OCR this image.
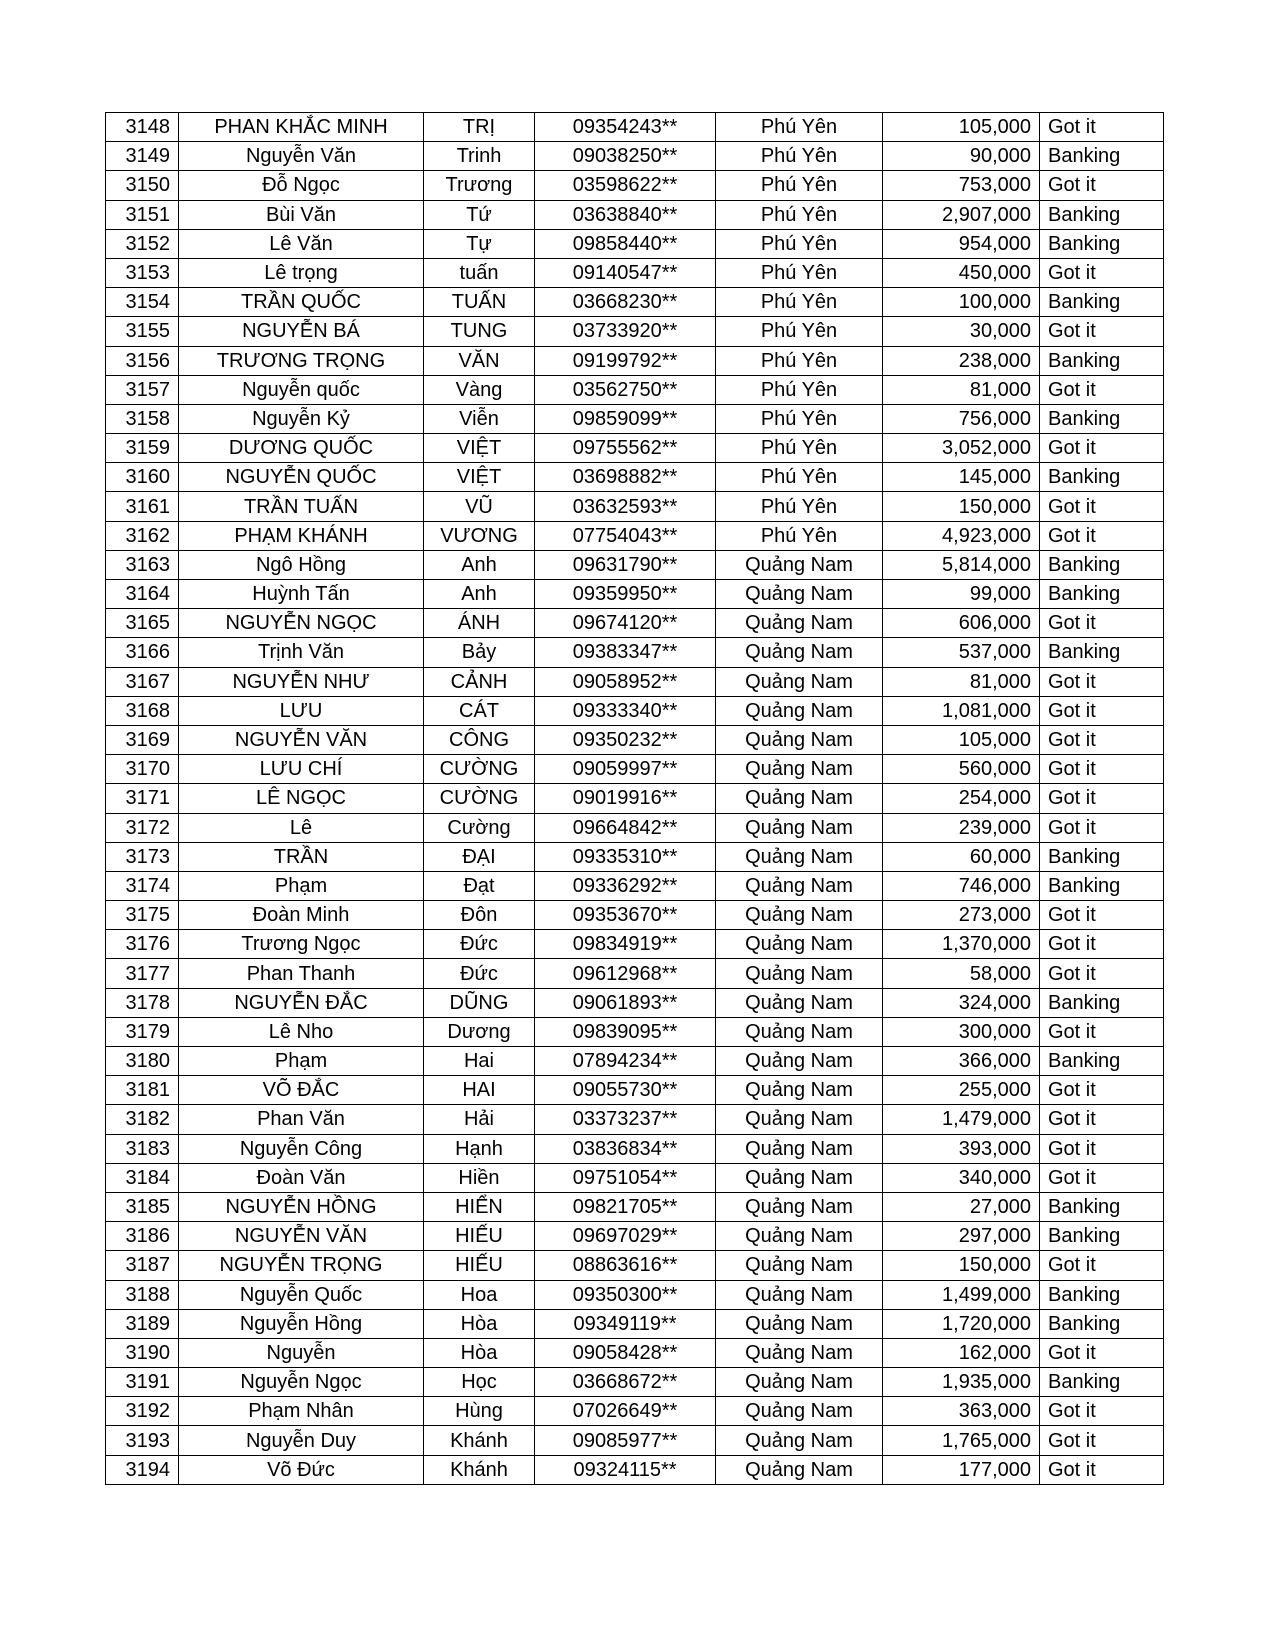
3148	PHAN KHẮC MINH	TRỊ	09354243**	Phú Yên	105,000	Got it
3149	Nguyễn Văn	Trinh	09038250**	Phú Yên	90,000	Banking
3150	Đỗ Ngọc	Trương	03598622**	Phú Yên	753,000	Got it
3151	Bùi Văn	Tứ	03638840**	Phú Yên	2,907,000	Banking
3152	Lê Văn	Tự	09858440**	Phú Yên	954,000	Banking
3153	Lê trọng	tuấn	09140547**	Phú Yên	450,000	Got it
3154	TRẦN QUỐC	TUẤN	03668230**	Phú Yên	100,000	Banking
3155	NGUYỄN BÁ	TUNG	03733920**	Phú Yên	30,000	Got it
3156	TRƯƠNG TRỌNG	VĂN	09199792**	Phú Yên	238,000	Banking
3157	Nguyễn quốc	Vàng	03562750**	Phú Yên	81,000	Got it
3158	Nguyễn Kỷ	Viễn	09859099**	Phú Yên	756,000	Banking
3159	DƯƠNG QUỐC	VIỆT	09755562**	Phú Yên	3,052,000	Got it
3160	NGUYỄN QUỐC	VIỆT	03698882**	Phú Yên	145,000	Banking
3161	TRẦN TUẤN	VŨ	03632593**	Phú Yên	150,000	Got it
3162	PHẠM KHÁNH	VƯƠNG	07754043**	Phú Yên	4,923,000	Got it
3163	Ngô Hồng	Anh	09631790**	Quảng Nam	5,814,000	Banking
3164	Huỳnh Tấn	Anh	09359950**	Quảng Nam	99,000	Banking
3165	NGUYỄN NGỌC	ÁNH	09674120**	Quảng Nam	606,000	Got it
3166	Trịnh Văn	Bảy	09383347**	Quảng Nam	537,000	Banking
3167	NGUYỄN NHƯ	CẢNH	09058952**	Quảng Nam	81,000	Got it
3168	LƯU	CÁT	09333340**	Quảng Nam	1,081,000	Got it
3169	NGUYỄN VĂN	CÔNG	09350232**	Quảng Nam	105,000	Got it
3170	LƯU CHÍ	CƯỜNG	09059997**	Quảng Nam	560,000	Got it
3171	LÊ NGỌC	CƯỜNG	09019916**	Quảng Nam	254,000	Got it
3172	Lê	Cường	09664842**	Quảng Nam	239,000	Got it
3173	TRẦN	ĐẠI	09335310**	Quảng Nam	60,000	Banking
3174	Phạm	Đạt	09336292**	Quảng Nam	746,000	Banking
3175	Đoàn Minh	Đôn	09353670**	Quảng Nam	273,000	Got it
3176	Trương Ngọc	Đức	09834919**	Quảng Nam	1,370,000	Got it
3177	Phan Thanh	Đức	09612968**	Quảng Nam	58,000	Got it
3178	NGUYỄN ĐẮC	DŨNG	09061893**	Quảng Nam	324,000	Banking
3179	Lê Nho	Dương	09839095**	Quảng Nam	300,000	Got it
3180	Phạm	Hai	07894234**	Quảng Nam	366,000	Banking
3181	VÕ ĐẮC	HAI	09055730**	Quảng Nam	255,000	Got it
3182	Phan Văn	Hải	03373237**	Quảng Nam	1,479,000	Got it
3183	Nguyễn Công	Hạnh	03836834**	Quảng Nam	393,000	Got it
3184	Đoàn Văn	Hiền	09751054**	Quảng Nam	340,000	Got it
3185	NGUYỄN HỒNG	HIỂN	09821705**	Quảng Nam	27,000	Banking
3186	NGUYỄN VĂN	HIẾU	09697029**	Quảng Nam	297,000	Banking
3187	NGUYỄN TRỌNG	HIẾU	08863616**	Quảng Nam	150,000	Got it
3188	Nguyễn Quốc	Hoa	09350300**	Quảng Nam	1,499,000	Banking
3189	Nguyễn Hồng	Hòa	09349119**	Quảng Nam	1,720,000	Banking
3190	Nguyễn	Hòa	09058428**	Quảng Nam	162,000	Got it
3191	Nguyễn Ngọc	Học	03668672**	Quảng Nam	1,935,000	Banking
3192	Phạm Nhân	Hùng	07026649**	Quảng Nam	363,000	Got it
3193	Nguyễn Duy	Khánh	09085977**	Quảng Nam	1,765,000	Got it
3194	Võ Đức	Khánh	09324115**	Quảng Nam	177,000	Got it
